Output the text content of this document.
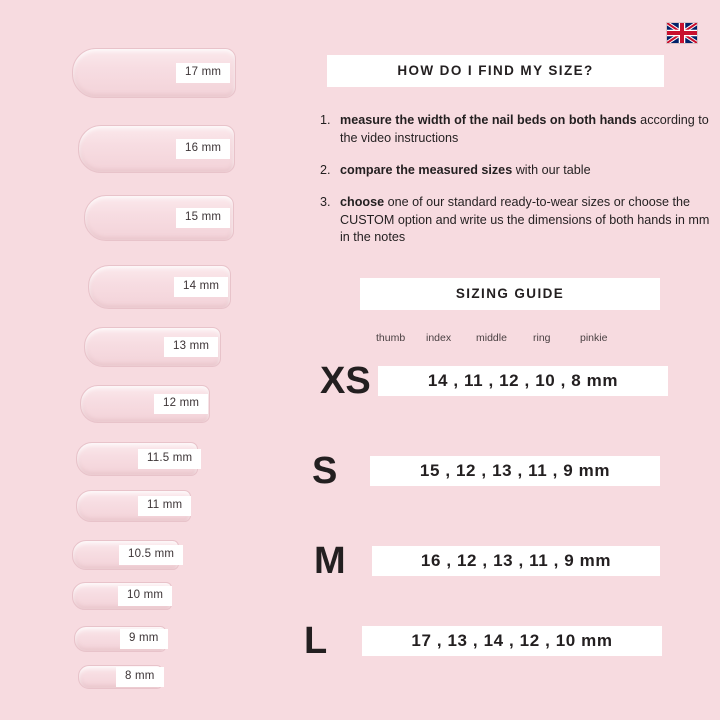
17 mm
16 mm
15 mm
14 mm
13 mm
12 mm
11.5 mm
11 mm
10.5 mm
10 mm
9 mm
8 mm
HOW DO I FIND MY SIZE?
1. measure the width of the nail beds on both hands according to the video instructions
2. compare the measured sizes with our table
3. choose one of our standard ready-to-wear sizes or choose the CUSTOM option and write us the dimensions of both hands in mm in the notes
SIZING GUIDE
thumb index middle ring	pinkie
XS	14 , 11 , 12 , 10 , 8 mm
S	15 , 12 , 13 , 11 , 9 mm
M	16 , 12 , 13 , 11 , 9 mm
L	17 , 13 , 14 , 12 , 10 mm
